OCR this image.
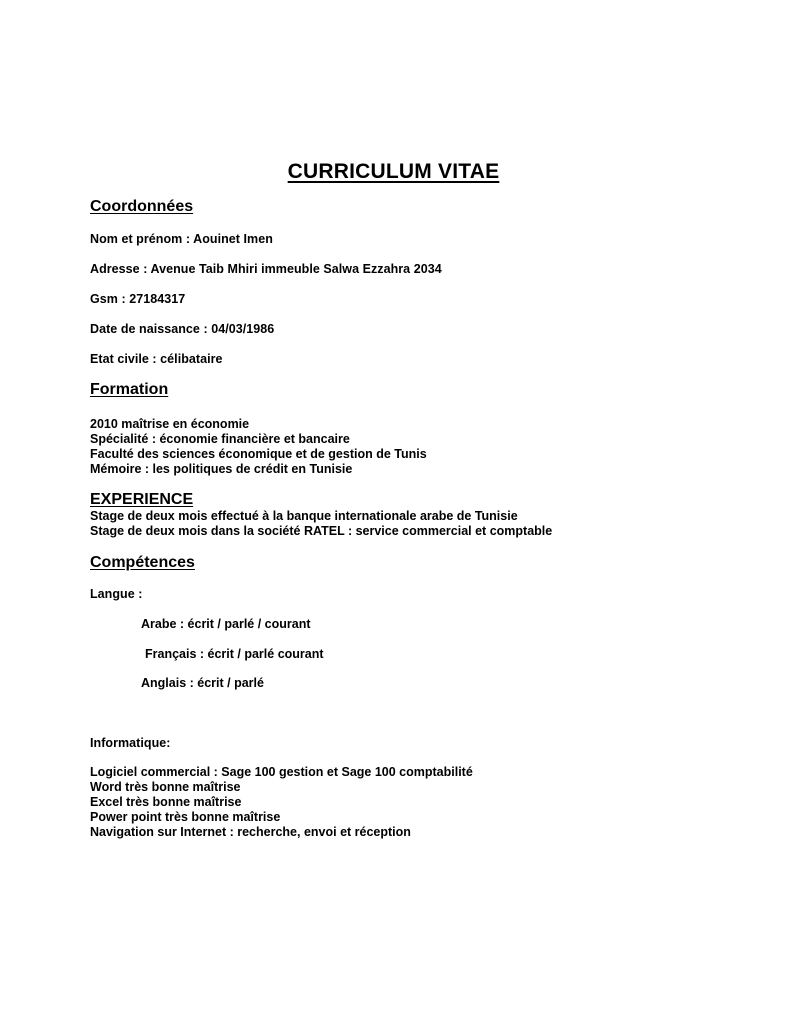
CURRICULUM VITAE
Coordonnées
Nom et prénom : Aouinet Imen
Adresse : Avenue Taib Mhiri immeuble Salwa Ezzahra 2034
Gsm : 27184317
Date de naissance : 04/03/1986
Etat civile : célibataire
Formation
2010 maîtrise en économie
Spécialité : économie financière et bancaire
Faculté des sciences économique et de gestion de Tunis
Mémoire : les politiques de crédit en Tunisie
EXPERIENCE
Stage de deux mois effectué à la banque internationale arabe de Tunisie
Stage de deux mois dans la société RATEL : service commercial et comptable
Compétences
Langue :
Arabe : écrit / parlé / courant
Français : écrit / parlé courant
Anglais : écrit / parlé
Informatique:
Logiciel commercial : Sage 100 gestion et Sage 100 comptabilité
Word très bonne maîtrise
Excel très bonne maîtrise
Power point très bonne maîtrise
Navigation sur Internet : recherche, envoi et réception
